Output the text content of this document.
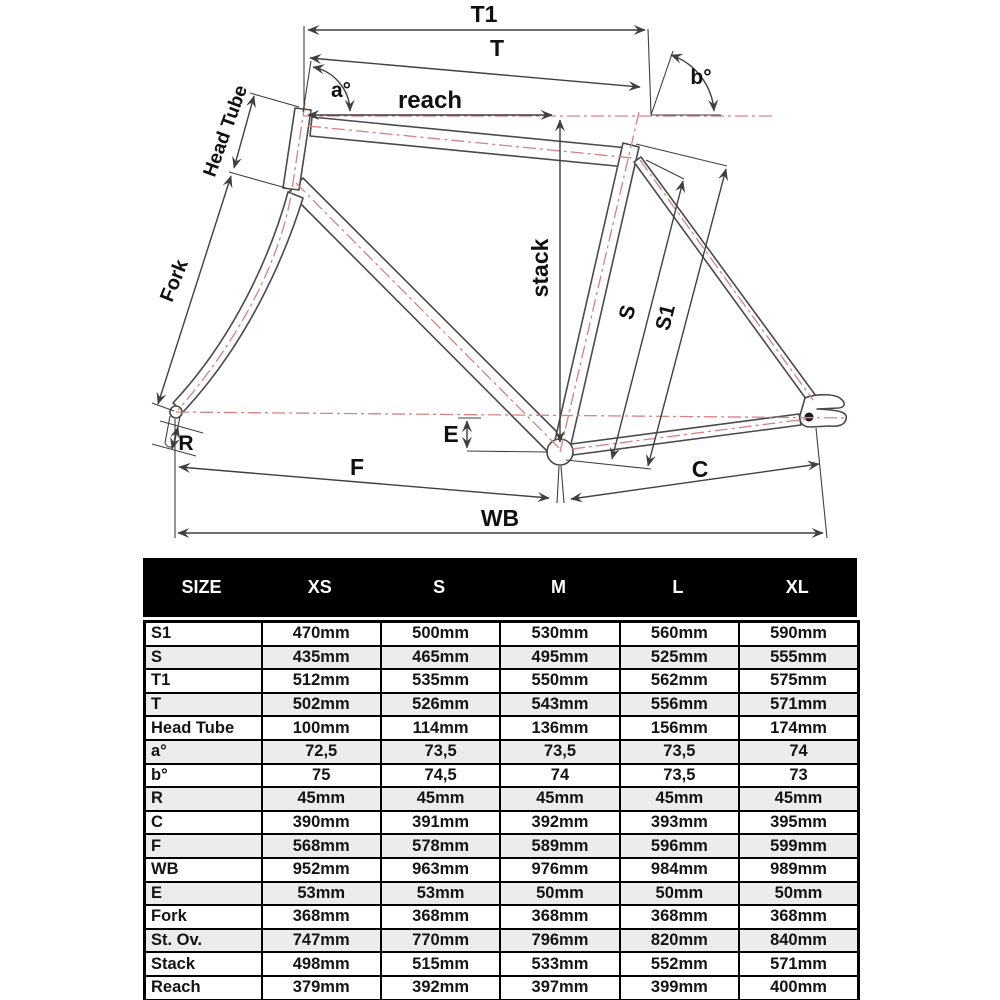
T1
T
reach
stack
a°
b°
Head Tube
Fork
S S1
R	E
F	C
WB
SIZE	XS	S	M	L	XL
S1	470mm	500mm	530mm	560mm	590mm
S	435mm	465mm	495mm	525mm	555mm
T1	512mm	535mm	550mm	562mm	575mm
T	502mm	526mm	543mm	556mm	571mm
Head Tube	100mm	114mm	136mm	156mm	174mm
a°	72,5	73,5	73,5	73,5	74
b°	75	74,5	74	73,5	73
R	45mm	45mm	45mm	45mm	45mm
C	390mm	391mm	392mm	393mm	395mm
F	568mm	578mm	589mm	596mm	599mm
WB	952mm	963mm	976mm	984mm	989mm
E	53mm	53mm	50mm	50mm	50mm
Fork	368mm	368mm	368mm	368mm	368mm
St. Ov.	747mm	770mm	796mm	820mm	840mm
Stack	498mm	515mm	533mm	552mm	571mm
Reach	379mm	392mm	397mm	399mm	400mm
